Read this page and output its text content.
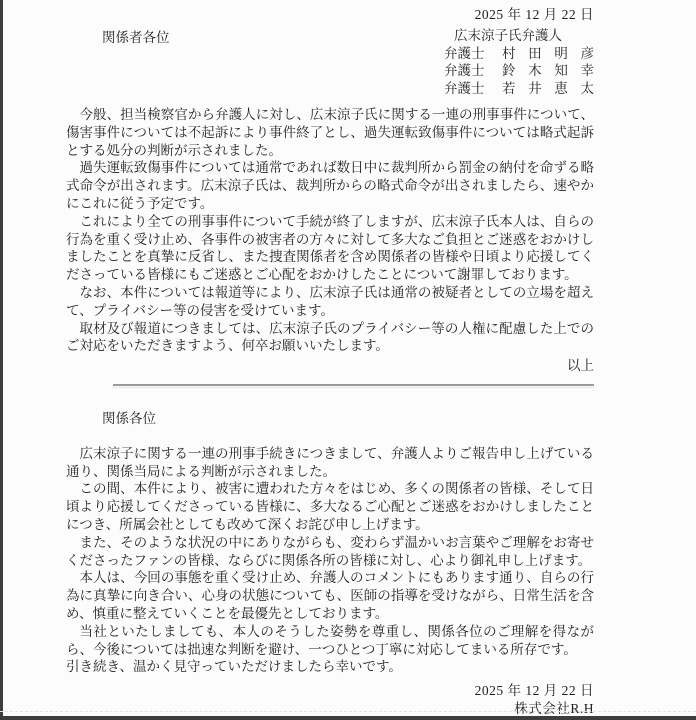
2025 年 12 月 22 日
関係者各位	広末涼子氏弁護人
弁護士 村田明彦
弁護士 鈴木知幸
弁護士 若井恵太

今般、担当検察官から弁護人に対し、広末涼子氏に関する一連の刑事事件について、傷害事件については不起訴により事件終了とし、過失運転致傷事件については略式起訴とする処分の判断が示されました。

過失運転致傷事件については通常であれば数日中に裁判所から罰金の納付を命ずる略式命令が出されます。広末涼子氏は、裁判所からの略式命令が出されましたら、速やかにこれに従う予定です。

これにより全ての刑事事件について手続が終了しますが、広末涼子氏本人は、自らの行為を重く受け止め、各事件の被害者の方々に対して多大なご負担とご迷惑をおかけしましたことを真摯に反省し、また捜査関係者を含め関係者の皆様や日頃より応援してくださっている皆様にもご迷惑とご心配をおかけしたことについて謝罪しております。

なお、本件については報道等により、広末涼子氏は通常の被疑者としての立場を超えて、プライバシー等の侵害を受けています。

取材及び報道につきましては、広末涼子氏のプライバシー等の人権に配慮した上でのご対応をいただきますよう、何卒お願いいたします。

以上
関係各位

広末涼子に関する一連の刑事手続きにつきまして、弁護人よりご報告申し上げている通り、関係当局による判断が示されました。

この間、本件により、被害に遭われた方々をはじめ、多くの関係者の皆様、そして日頃より応援してくださっている皆様に、多大なるご心配とご迷惑をおかけしましたことにつき、所属会社としても改めて深くお詫び申し上げます。

また、そのような状況の中にありながらも、変わらず温かいお言葉やご理解をお寄せくださったファンの皆様、ならびに関係各所の皆様に対し、心より御礼申し上げます。

本人は、今回の事態を重く受け止め、弁護人のコメントにもあります通り、自らの行為に真摯に向き合い、心身の状態についても、医師の指導を受けながら、日常生活を含め、慎重に整えていくことを最優先としております。

当社といたしましても、本人のそうした姿勢を尊重し、関係各位のご理解を得ながら、今後については拙速な判断を避け、一つひとつ丁寧に対応してまいる所存です。

引き続き、温かく見守っていただけましたら幸いです。

2025 年 12 月 22 日
株式会社R.H
